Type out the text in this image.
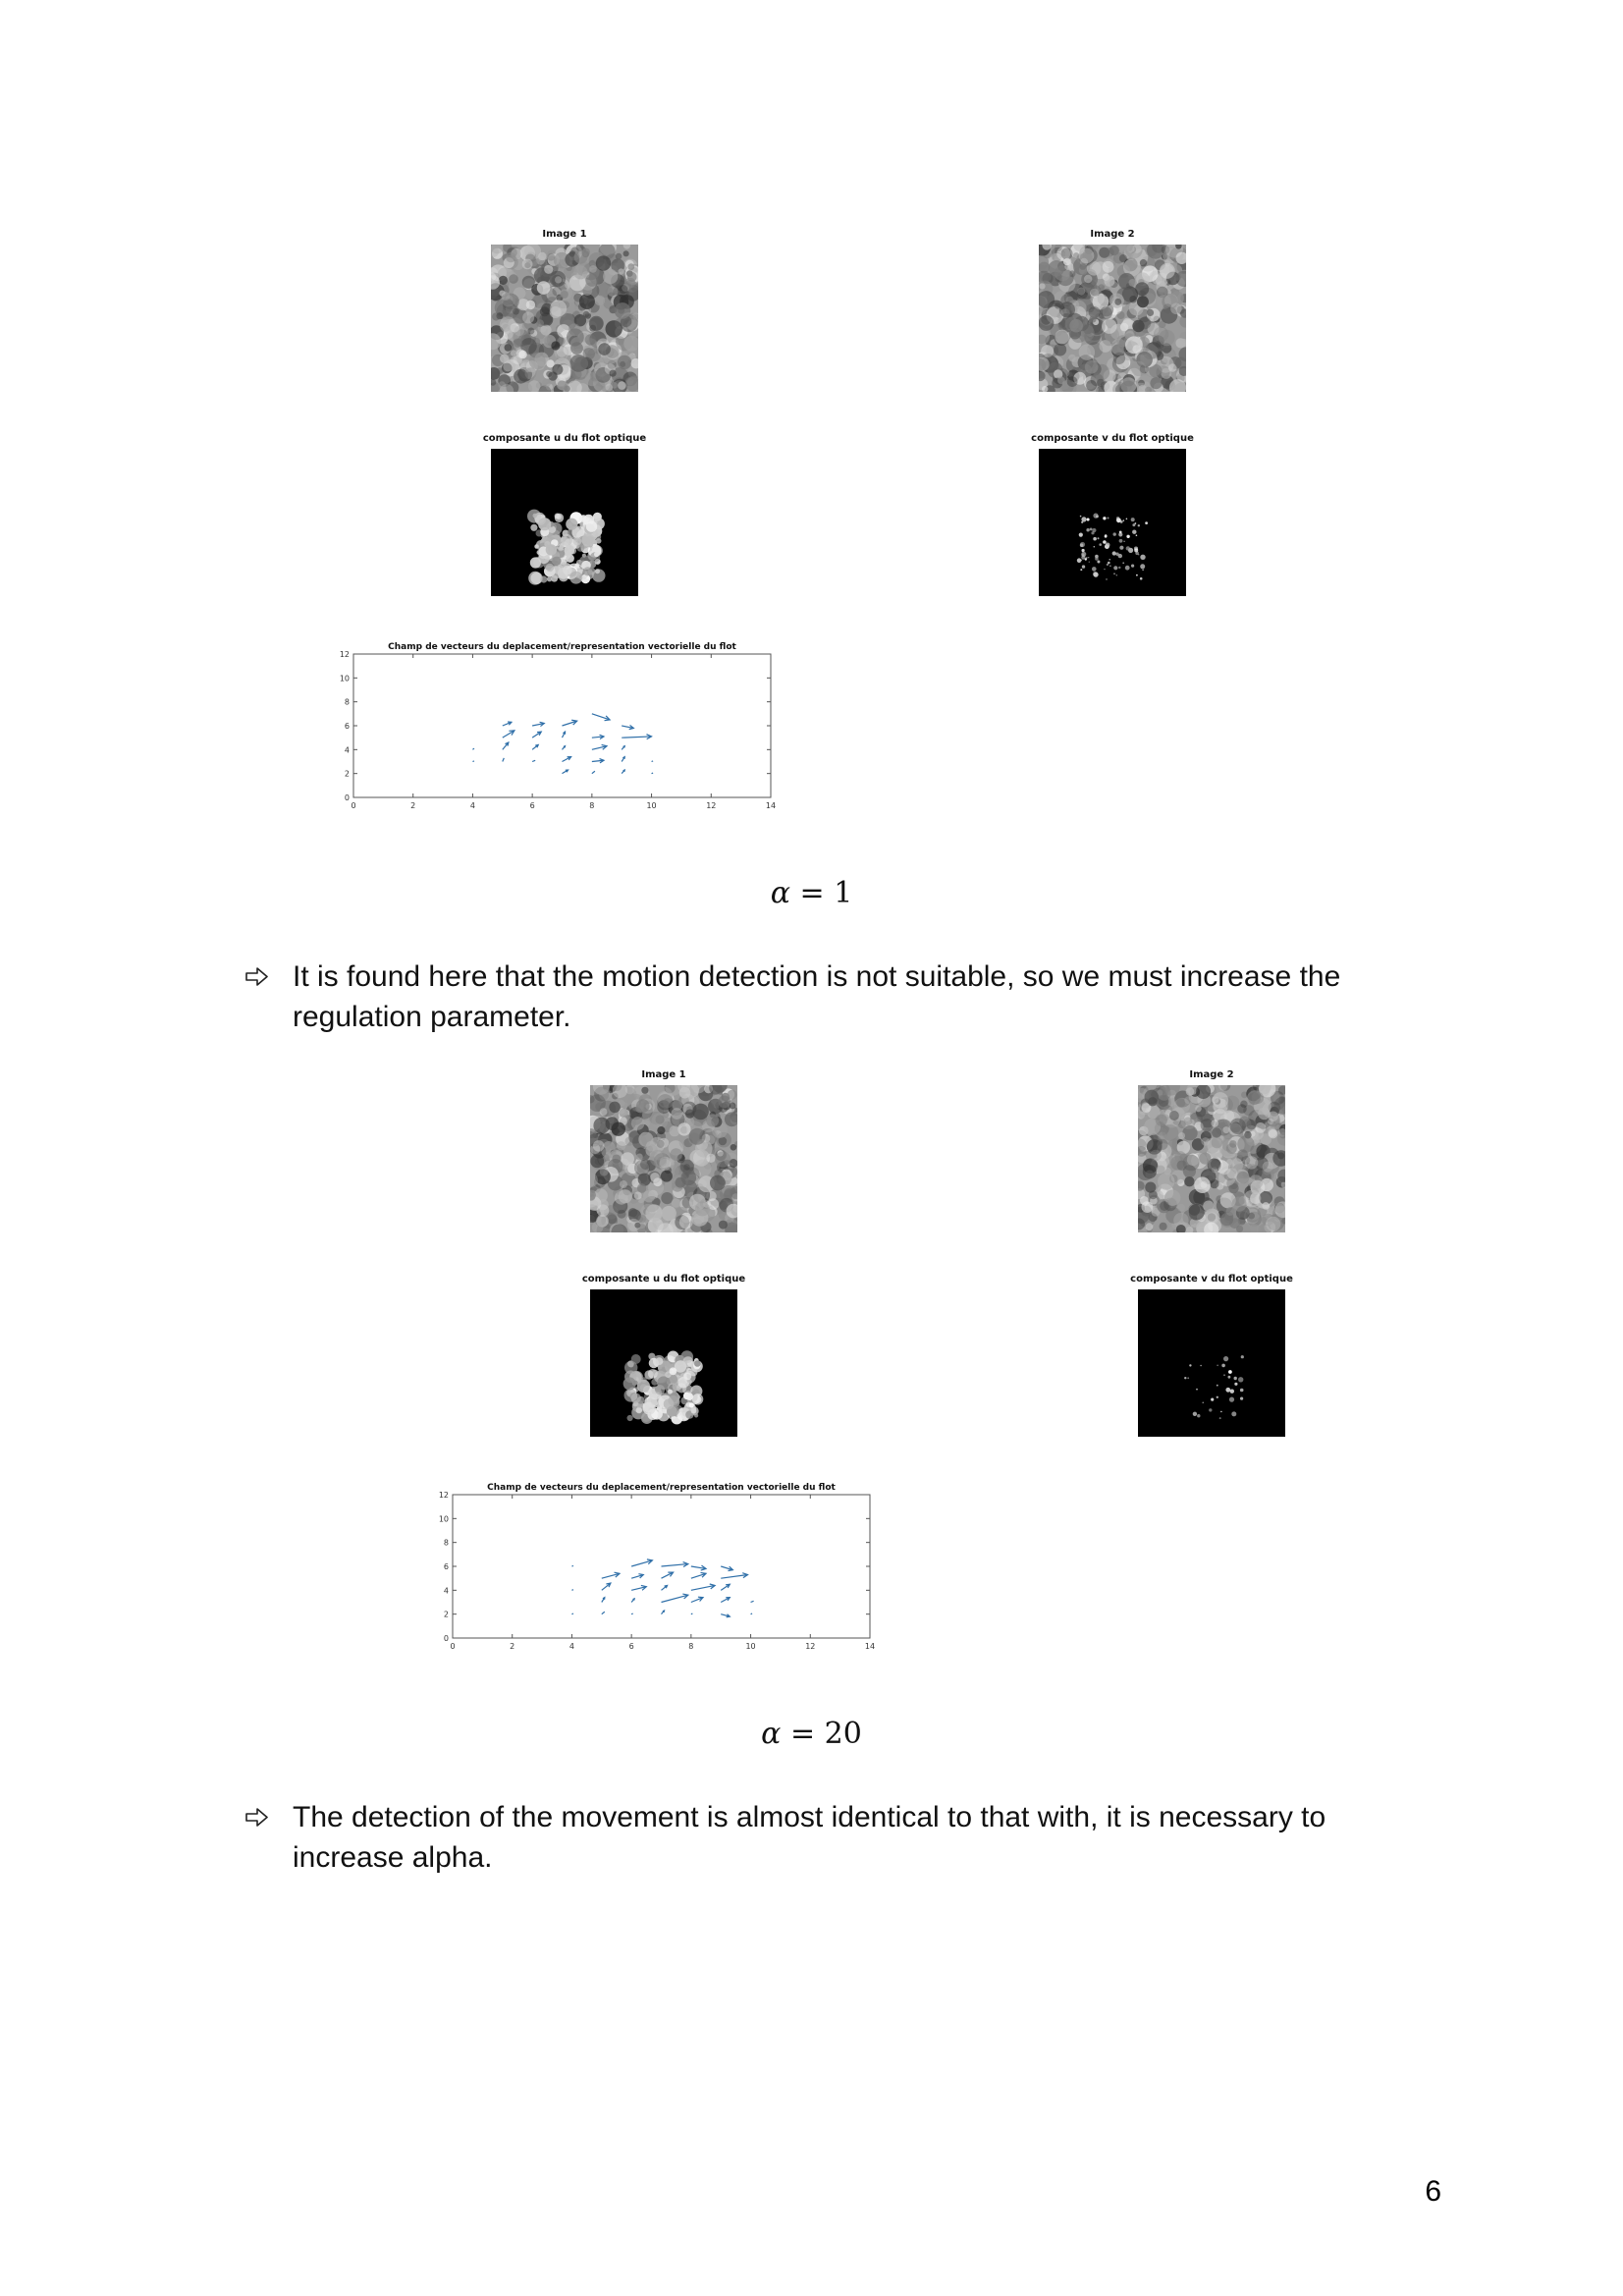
Image 1	Image 2
composante u du flot optique	composante v du flot optique
Champ de vecteurs du deplacement/representation vectorielle du flot
0	2	4	6	8	10	12	14
0
2
4
6
8
10
12
α = 1
It is found here that the motion detection is not suitable, so we must increase the regulation parameter.
Image 1	Image 2
composante u du flot optique	composante v du flot optique
Champ de vecteurs du deplacement/representation vectorielle du flot
0	2	4	6	8	10	12	14
0
2
4
6
8
10
12
α = 20
The detection of the movement is almost identical to that with, it is necessary to increase alpha.
6
